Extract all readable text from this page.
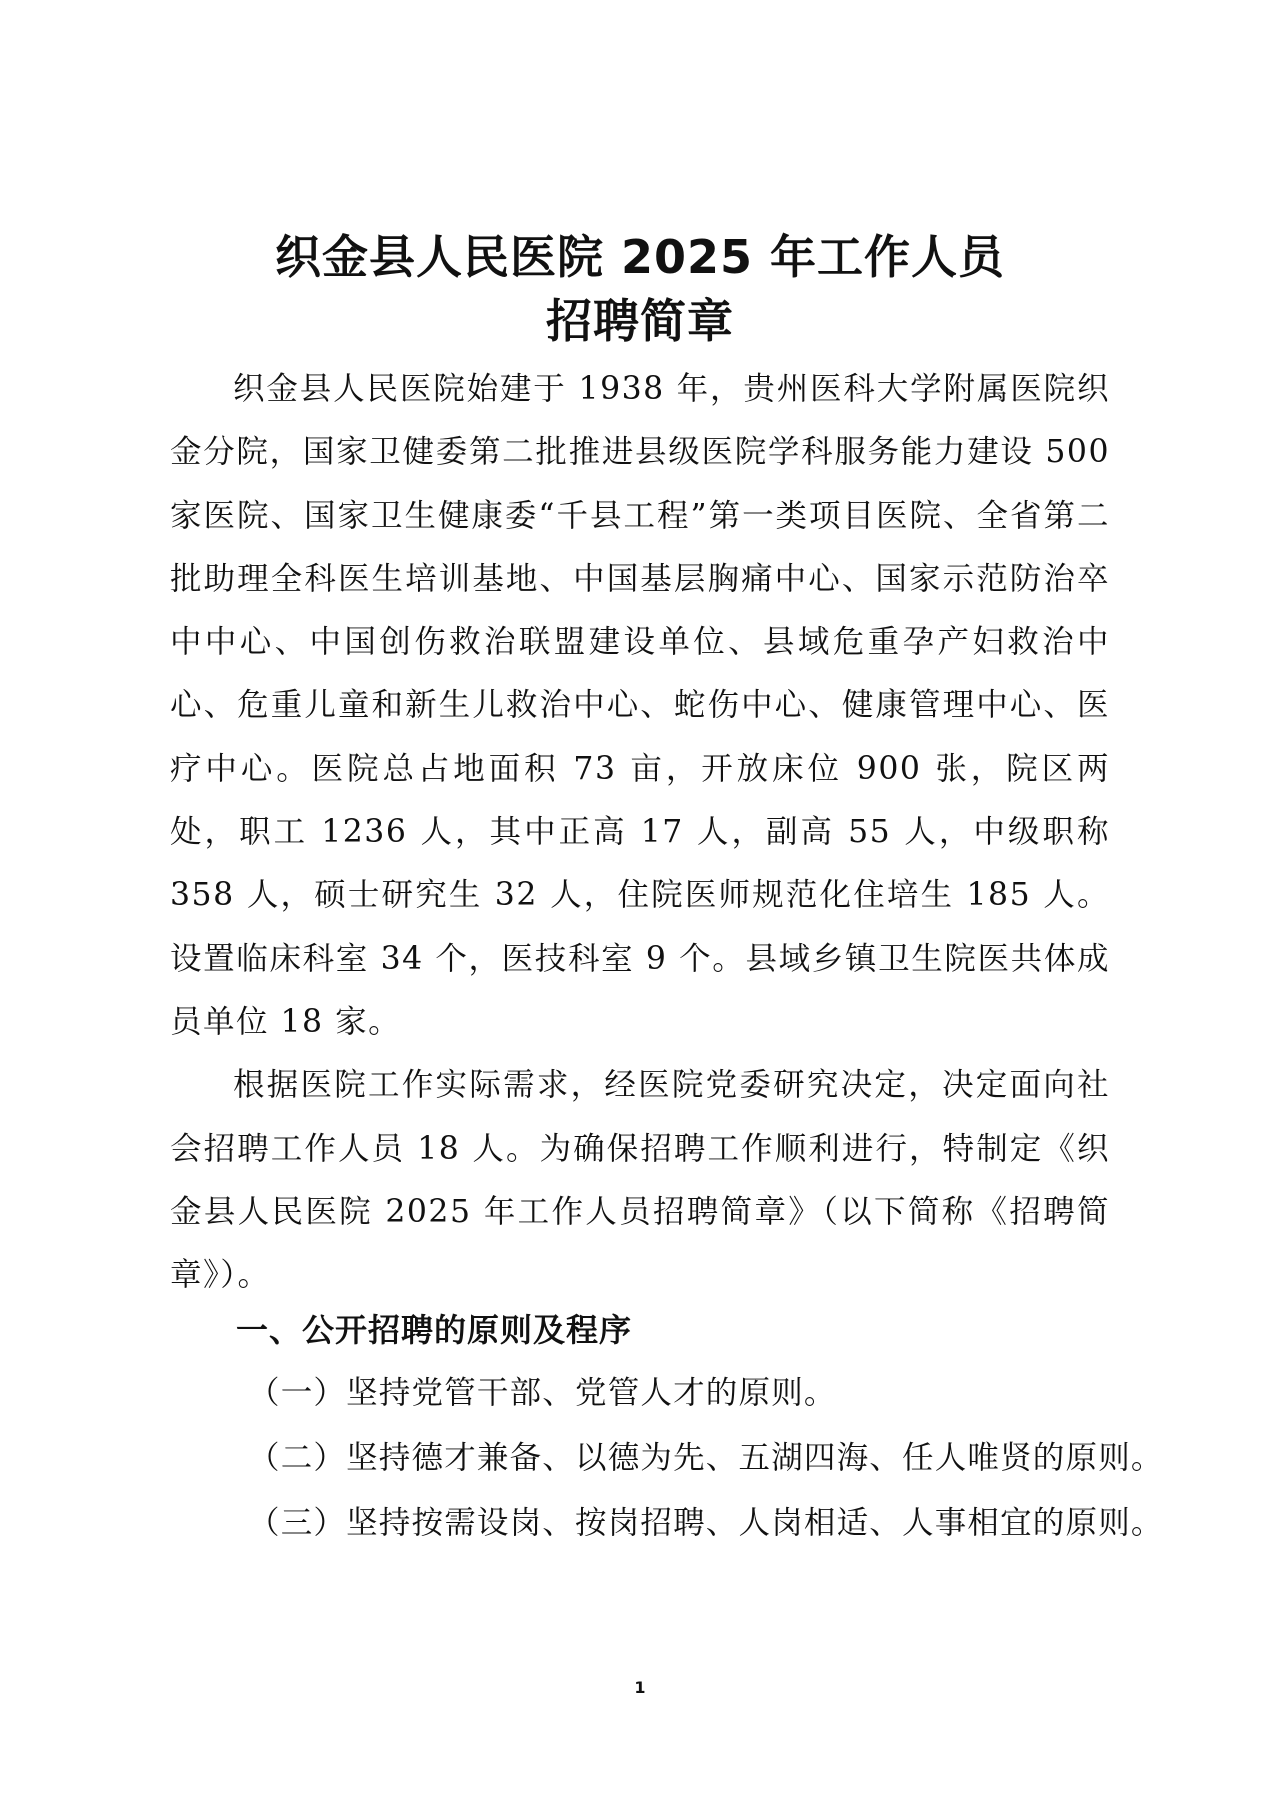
织金县人民医院 2025 年工作人员
招聘简章

织金县人民医院始建于 1938 年，贵州医科大学附属医院织金分院，国家卫健委第二批推进县级医院学科服务能力建设 500 家医院、国家卫生健康委“千县工程”第一类项目医院、全省第二批助理全科医生培训基地、中国基层胸痛中心、国家示范防治卒中中心、中国创伤救治联盟建设单位、县域危重孕产妇救治中心、危重儿童和新生儿救治中心、蛇伤中心、健康管理中心、医疗中心。医院总占地面积 73 亩，开放床位 900 张，院区两处，职工 1236 人，其中正高 17 人，副高 55 人，中级职称 358 人，硕士研究生 32 人，住院医师规范化住培生 185 人。设置临床科室 34 个，医技科室 9 个。县域乡镇卫生院医共体成员单位 18 家。

根据医院工作实际需求，经医院党委研究决定，决定面向社会招聘工作人员 18 人。为确保招聘工作顺利进行，特制定《织金县人民医院 2025 年工作人员招聘简章》（以下简称《招聘简章》）。

一、公开招聘的原则及程序
（一）坚持党管干部、党管人才的原则。
（二）坚持德才兼备、以德为先、五湖四海、任人唯贤的原则。
（三）坚持按需设岗、按岗招聘、人岗相适、人事相宜的原则。
1
